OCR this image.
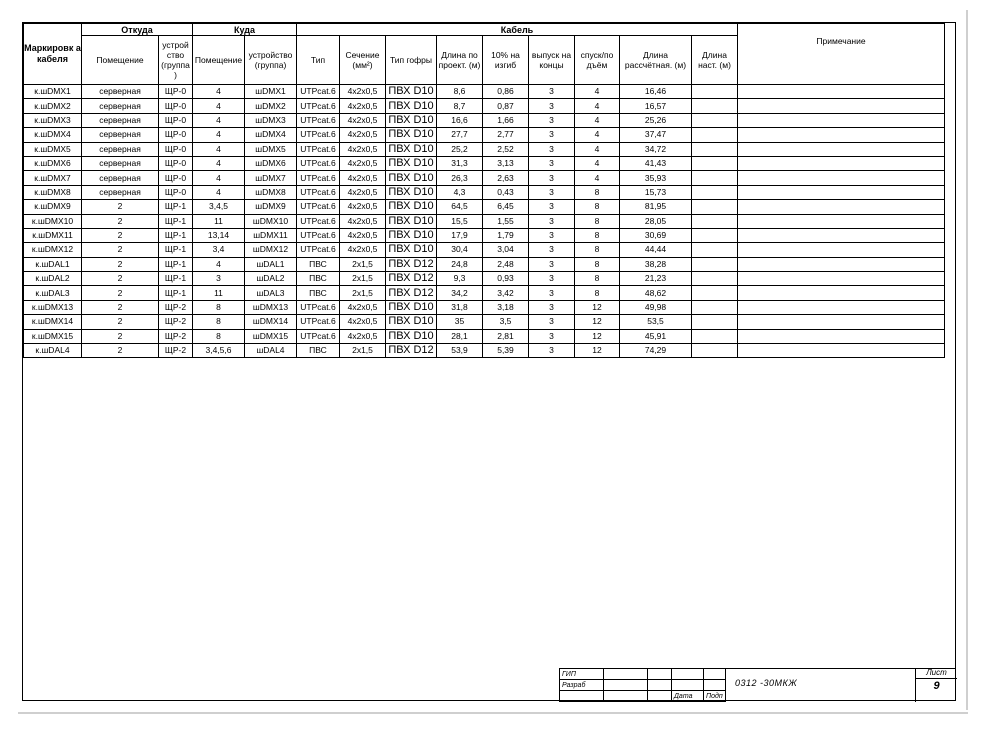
Маркировк а кабеля	Откуда		Куда		Кабель									Примечание
	Помещение	устрой ство (группа )	Помещение	устройство (группа)	Тип	Сечение (мм²)	Тип гофры	Длина по проект. (м)	10% на изгиб	выпуск на концы	спуск/по дъём	Длина рассчётная. (м)	Длина наст. (м)	
к.шDMX1	серверная	ЩР-0	4	шDMX1	UTPcat.6	4x2x0,5	ПВХ D10	8,6	0,86	3	4	16,46		
к.шDMX2	серверная	ЩР-0	4	шDMX2	UTPcat.6	4x2x0,5	ПВХ D10	8,7	0,87	3	4	16,57		
к.шDMX3	серверная	ЩР-0	4	шDMX3	UTPcat.6	4x2x0,5	ПВХ D10	16,6	1,66	3	4	25,26		
к.шDMX4	серверная	ЩР-0	4	шDMX4	UTPcat.6	4x2x0,5	ПВХ D10	27,7	2,77	3	4	37,47		
к.шDMX5	серверная	ЩР-0	4	шDMX5	UTPcat.6	4x2x0,5	ПВХ D10	25,2	2,52	3	4	34,72		
к.шDMX6	серверная	ЩР-0	4	шDMX6	UTPcat.6	4x2x0,5	ПВХ D10	31,3	3,13	3	4	41,43		
к.шDMX7	серверная	ЩР-0	4	шDMX7	UTPcat.6	4x2x0,5	ПВХ D10	26,3	2,63	3	4	35,93		
к.шDMX8	серверная	ЩР-0	4	шDMX8	UTPcat.6	4x2x0,5	ПВХ D10	4,3	0,43	3	8	15,73		
к.шDMX9	2	ЩР-1	3,4,5	шDMX9	UTPcat.6	4x2x0,5	ПВХ D10	64,5	6,45	3	8	81,95		
к.шDMX10	2	ЩР-1	11	шDMX10	UTPcat.6	4x2x0,5	ПВХ D10	15,5	1,55	3	8	28,05		
к.шDMX11	2	ЩР-1	13,14	шDMX11	UTPcat.6	4x2x0,5	ПВХ D10	17,9	1,79	3	8	30,69		
к.шDMX12	2	ЩР-1	3,4	шDMX12	UTPcat.6	4x2x0,5	ПВХ D10	30,4	3,04	3	8	44,44		
к.шDAL1	2	ЩР-1	4	шDAL1	ПВС	2x1,5	ПВХ D12	24,8	2,48	3	8	38,28		
к.шDAL2	2	ЩР-1	3	шDAL2	ПВС	2x1,5	ПВХ D12	9,3	0,93	3	8	21,23		
к.шDAL3	2	ЩР-1	11	шDAL3	ПВС	2x1,5	ПВХ D12	34,2	3,42	3	8	48,62		
к.шDMX13	2	ЩР-2	8	шDMX13	UTPcat.6	4x2x0,5	ПВХ D10	31,8	3,18	3	12	49,98		
к.шDMX14	2	ЩР-2	8	шDMX14	UTPcat.6	4x2x0,5	ПВХ D10	35	3,5	3	12	53,5		
к.шDMX15	2	ЩР-2	8	шDMX15	UTPcat.6	4x2x0,5	ПВХ D10	28,1	2,81	3	12	45,91		
к.шDAL4	2	ЩР-2	3,4,5,6	шDAL4	ПВС	2x1,5	ПВХ D12	53,9	5,39	3	12	74,29		
ГИП				
Разраб				
			Дата	Подп
0312 -30МКЖ
Лист
9
